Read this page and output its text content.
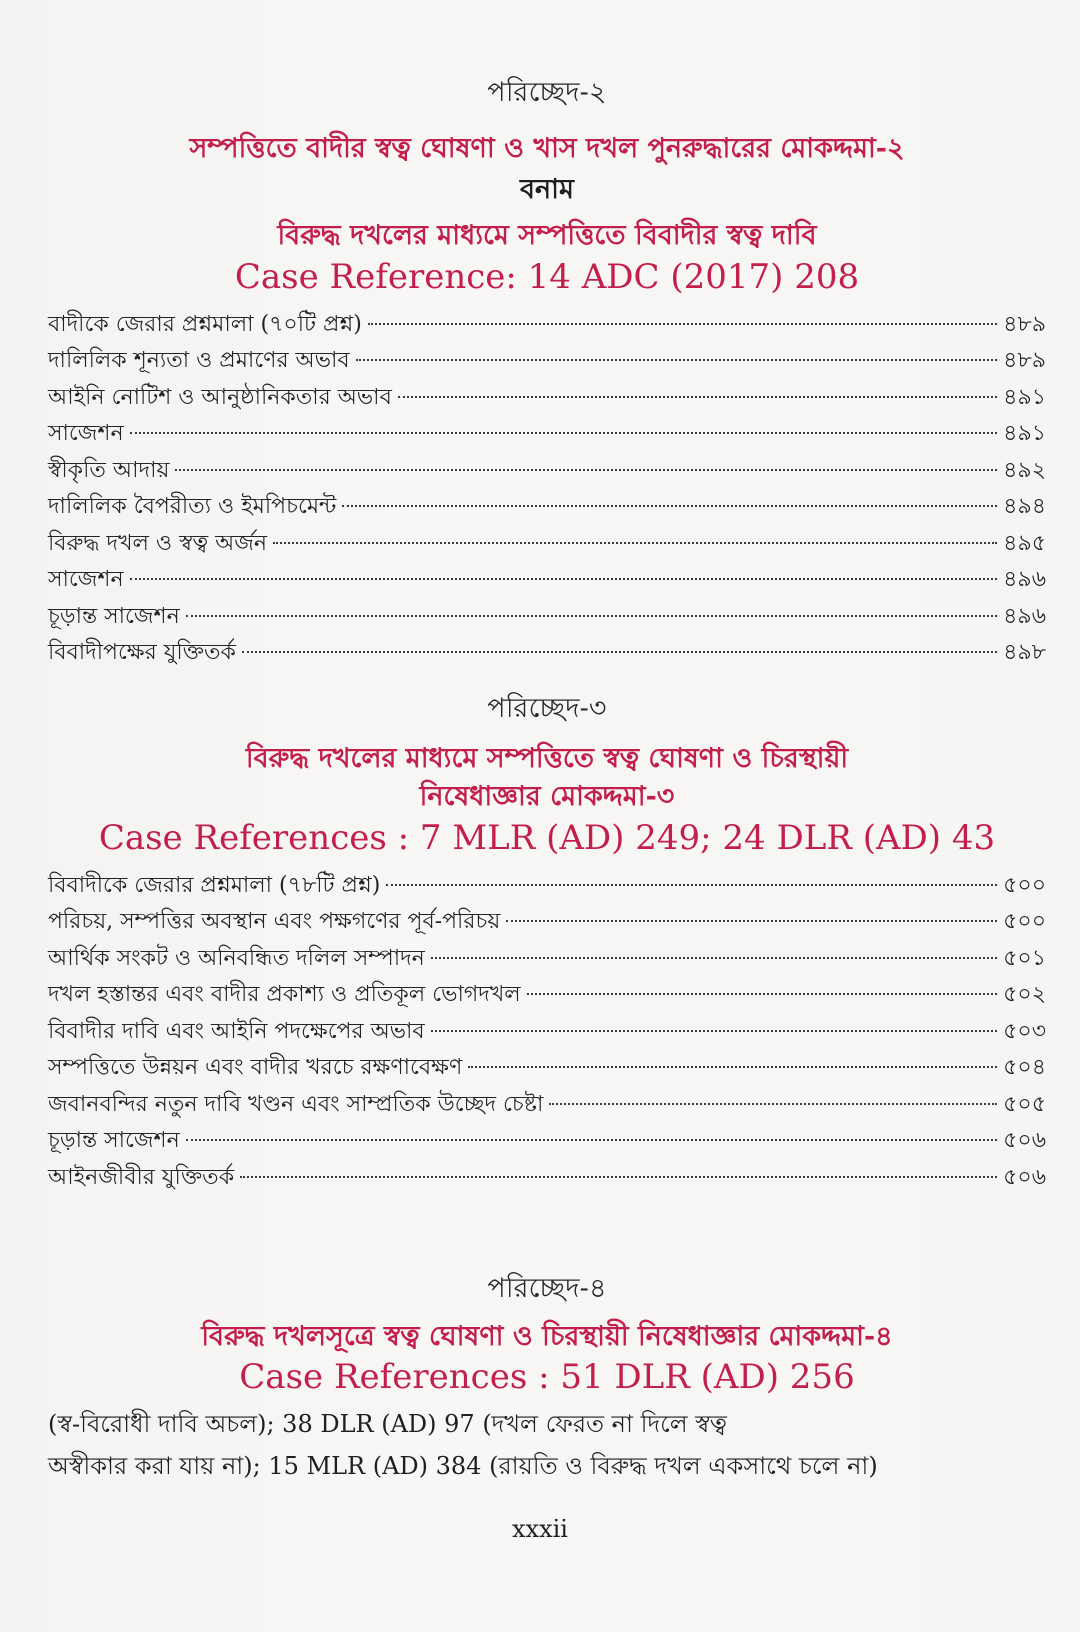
পরিচ্ছেদ-২
সম্পত্তিতে বাদীর স্বত্ব ঘোষণা ও খাস দখল পুনরুদ্ধারের মোকদ্দমা-২
বনাম
বিরুদ্ধ দখলের মাধ্যমে সম্পত্তিতে বিবাদীর স্বত্ব দাবি
Case Reference: 14 ADC (2017) 208
বাদীকে জেরার প্রশ্নমালা (৭০টি প্রশ্ন)	৪৮৯
দালিলিক শূন্যতা ও প্রমাণের অভাব	৪৮৯
আইনি নোটিশ ও আনুষ্ঠানিকতার অভাব	৪৯১
সাজেশন	৪৯১
স্বীকৃতি আদায়	৪৯২
দালিলিক বৈপরীত্য ও ইমপিচমেন্ট	৪৯৪
বিরুদ্ধ দখল ও স্বত্ব অর্জন	৪৯৫
সাজেশন	৪৯৬
চূড়ান্ত সাজেশন	৪৯৬
বিবাদীপক্ষের যুক্তিতর্ক	৪৯৮
পরিচ্ছেদ-৩
বিরুদ্ধ দখলের মাধ্যমে সম্পত্তিতে স্বত্ব ঘোষণা ও চিরস্থায়ী
নিষেধাজ্ঞার মোকদ্দমা-৩
Case References : 7 MLR (AD) 249; 24 DLR (AD) 43
বিবাদীকে জেরার প্রশ্নমালা (৭৮টি প্রশ্ন)	৫০০
পরিচয়, সম্পত্তির অবস্থান এবং পক্ষগণের পূর্ব-পরিচয়	৫০০
আর্থিক সংকট ও অনিবন্ধিত দলিল সম্পাদন	৫০১
দখল হস্তান্তর এবং বাদীর প্রকাশ্য ও প্রতিকূল ভোগদখল	৫০২
বিবাদীর দাবি এবং আইনি পদক্ষেপের অভাব	৫০৩
সম্পত্তিতে উন্নয়ন এবং বাদীর খরচে রক্ষণাবেক্ষণ	৫০৪
জবানবন্দির নতুন দাবি খণ্ডন এবং সাম্প্রতিক উচ্ছেদ চেষ্টা	৫০৫
চূড়ান্ত সাজেশন	৫০৬
আইনজীবীর যুক্তিতর্ক	৫০৬
পরিচ্ছেদ-৪
বিরুদ্ধ দখলসূত্রে স্বত্ব ঘোষণা ও চিরস্থায়ী নিষেধাজ্ঞার মোকদ্দমা-৪
Case References : 51 DLR (AD) 256
(স্ব-বিরোধী দাবি অচল); 38 DLR (AD) 97 (দখল ফেরত না দিলে স্বত্ব
অস্বীকার করা যায় না); 15 MLR (AD) 384 (রায়তি ও বিরুদ্ধ দখল একসাথে চলে না)
xxxii
